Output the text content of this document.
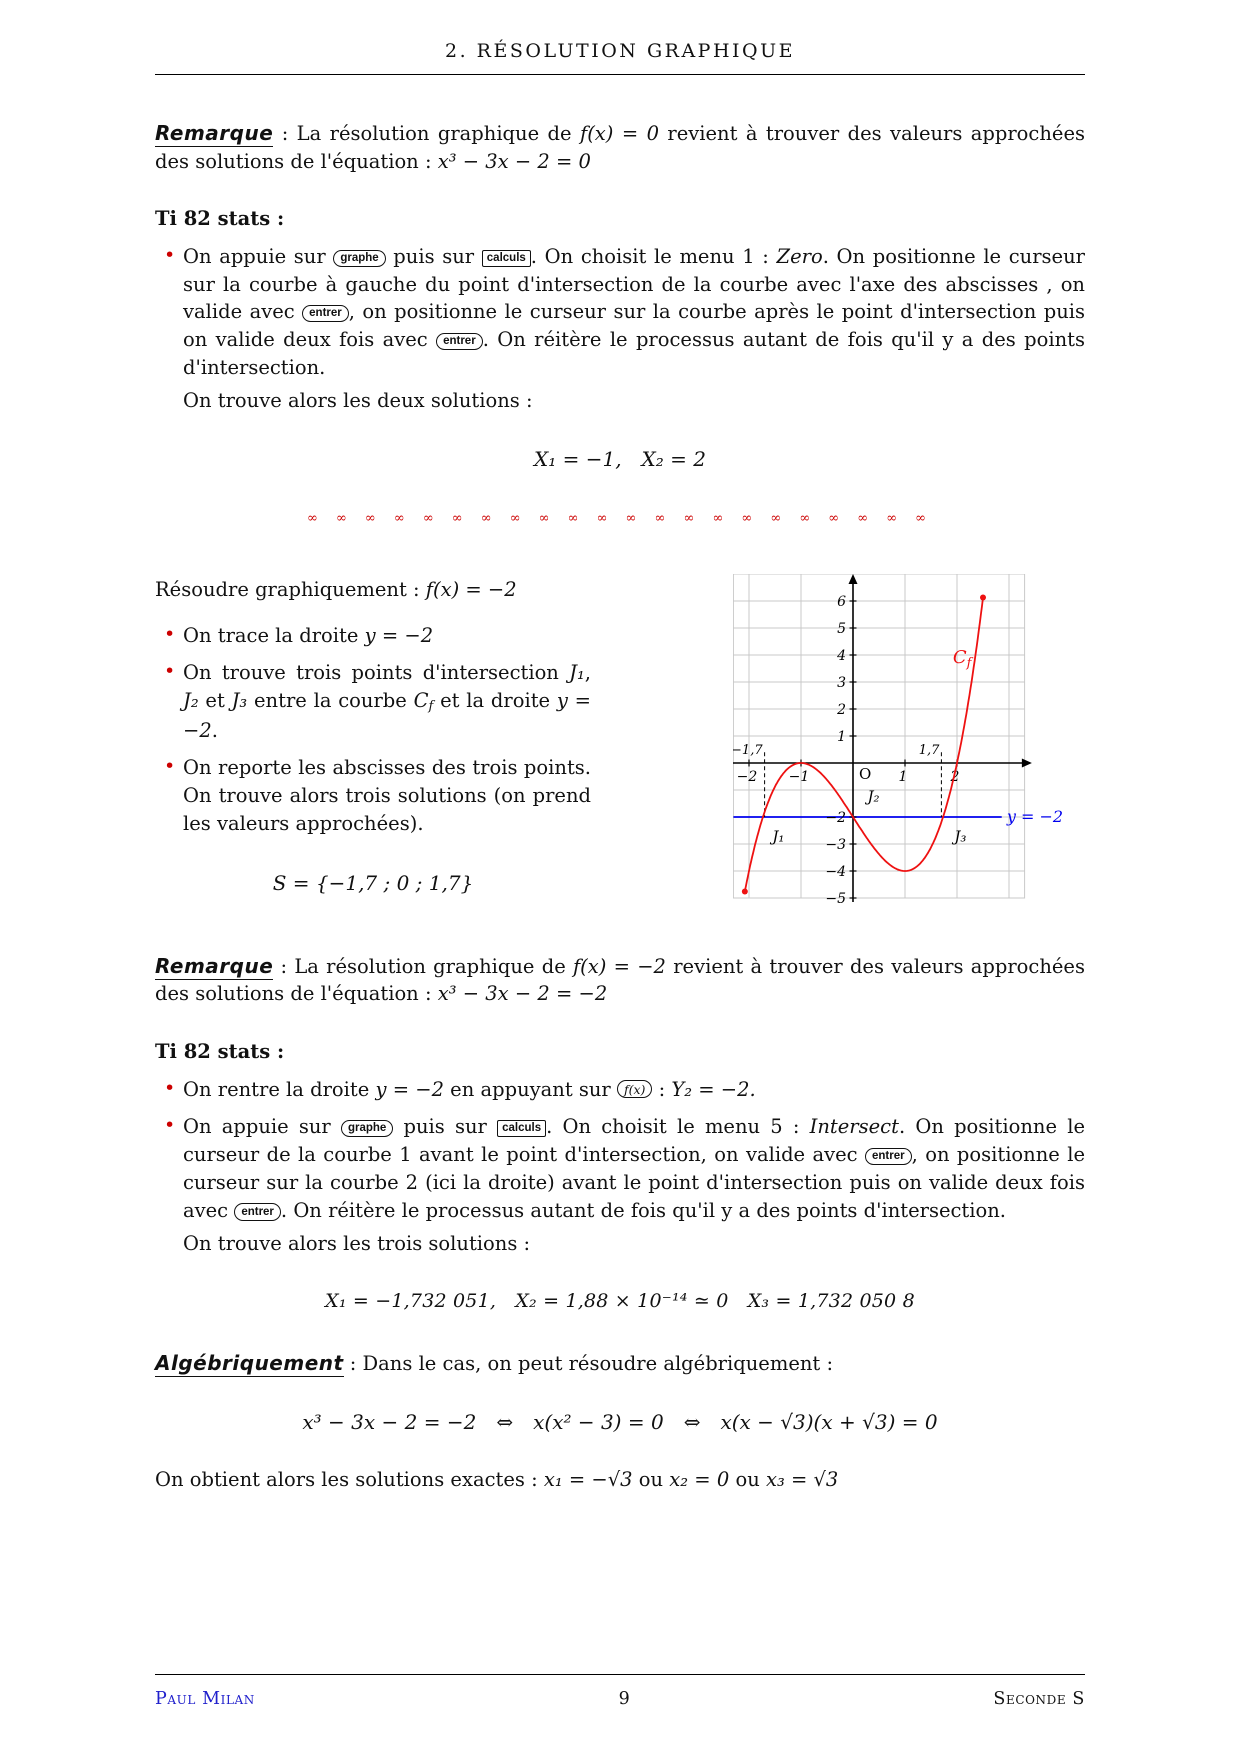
2. RÉSOLUTION GRAPHIQUE

Remarque : La résolution graphique de f(x) = 0 revient à trouver des valeurs approchées des solutions de l'équation : x³ − 3x − 2 = 0

Ti 82 stats :
• On appuie sur graphe puis sur calculs . On choisit le menu 1 : Zero. On positionne le curseur sur la courbe à gauche du point d'intersection de la courbe avec l'axe des abscisses , on valide avec entrer , on positionne le curseur sur la courbe après le point d'intersection puis on valide deux fois avec entrer . On réitère le processus autant de fois qu'il y a des points d'intersection.
On trouve alors les deux solutions :
X₁ = −1, X₂ = 2
∞ ∞ ∞ ∞ ∞ ∞ ∞ ∞ ∞ ∞ ∞ ∞ ∞ ∞ ∞ ∞ ∞ ∞ ∞ ∞ ∞ ∞

Résoudre graphiquement : f(x) = −2

• On trace la droite y = −2
• On trouve trois points d'intersection J₁, J₂ et J₃ entre la courbe Cf et la droite y = −2.
• On reporte les abscisses des trois points. On trouve alors trois solutions (on prend les valeurs approchées).
S = {−1,7 ; 0 ; 1,7}
y = −2
−1,7	1,7
−2 −1	1	2
6
5
4
3
2
1
−2
−3
−4
−5
O
J₁
J₂
J₃
$C_f$

Remarque : La résolution graphique de f(x) = −2 revient à trouver des valeurs approchées des solutions de l'équation : x³ − 3x − 2 = −2

Ti 82 stats :
• On rentre la droite y = −2 en appuyant sur f(x) : Y₂ = −2.
• On appuie sur graphe puis sur calculs . On choisit le menu 5 : Intersect. On positionne le curseur de la courbe 1 avant le point d'intersection, on valide avec entrer , on positionne le curseur sur la courbe 2 (ici la droite) avant le point d'intersection puis on valide deux fois avec entrer . On réitère le processus autant de fois qu'il y a des points d'intersection.
On trouve alors les trois solutions :
X₁ = −1,732 051, X₂ = 1,88 × 10⁻¹⁴ ≃ 0 X₃ = 1,732 050 8

Algébriquement : Dans le cas, on peut résoudre algébriquement :

x³ − 3x − 2 = −2 ⇔ x(x² − 3) = 0 ⇔ x(x − √3)(x + √3) = 0

On obtient alors les solutions exactes : x₁ = −√3 ou x₂ = 0 ou x₃ = √3

Paul Milan	9	Seconde S
